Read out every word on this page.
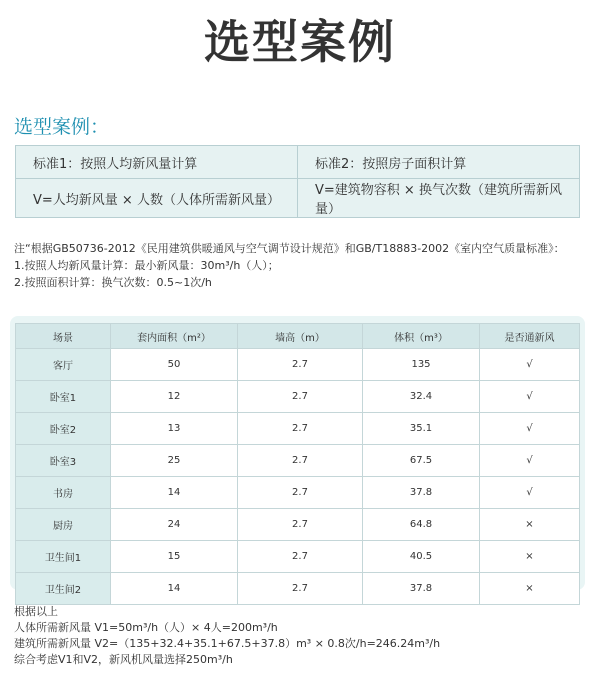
选型案例
选型案例：
标准1：按照人均新风量计算	标准2：按照房子面积计算
V=人均新风量 × 人数（人体所需新风量）	V=建筑物容积 × 换气次数（建筑所需新风量）
注“根据GB50736-2012《民用建筑供暖通风与空气调节设计规范》和GB/T18883-2002《室内空气质量标准》：
1.按照人均新风量计算：最小新风量：30m³/h（人）；
2.按照面积计算：换气次数：0.5~1次/h
场景	套内面积（m²）	墙高（m）	体积（m³）	是否通新风
客厅	50	2.7	135	√
卧室1	12	2.7	32.4	√
卧室2	13	2.7	35.1	√
卧室3	25	2.7	67.5	√
书房	14	2.7	37.8	√
厨房	24	2.7	64.8	×
卫生间1	15	2.7	40.5	×
卫生间2	14	2.7	37.8	×
根据以上
人体所需新风量 V1=50m³/h（人）× 4人=200m³/h
建筑所需新风量 V2=（135+32.4+35.1+67.5+37.8）m³ × 0.8次/h=246.24m³/h
综合考虑V1和V2，新风机风量选择250m³/h
